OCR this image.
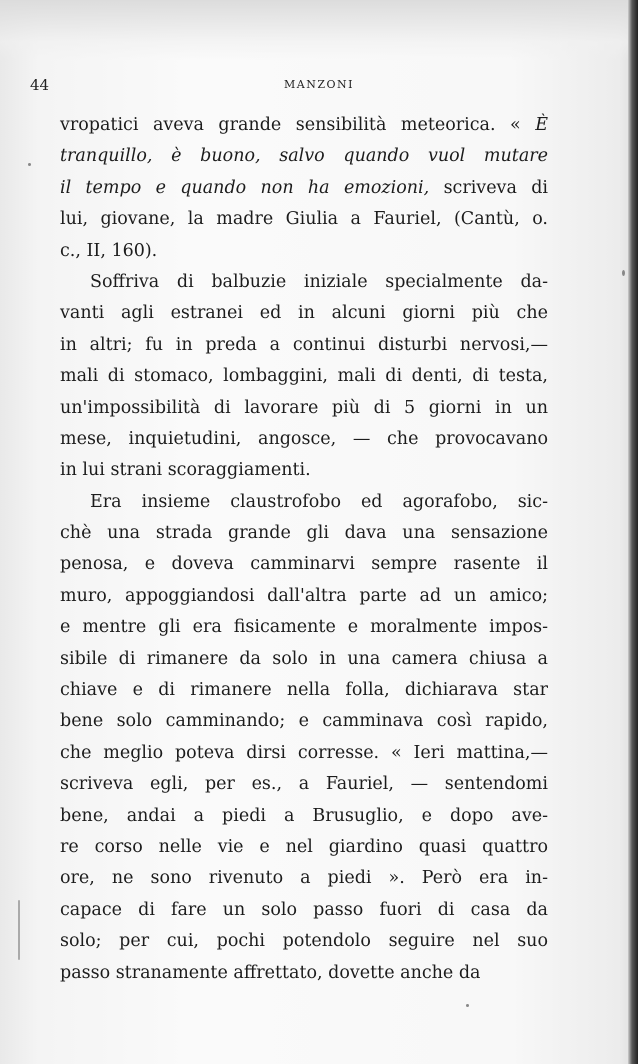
44	MANZONI
vropatici aveva grande sensibilità meteorica. « È
tranquillo, è buono, salvo quando vuol mutare
il tempo e quando non ha emozioni, scriveva di
lui, giovane, la madre Giulia a Fauriel, (Cantù, o.
c., II, 160).
Soffriva di balbuzie iniziale specialmente da-
vanti agli estranei ed in alcuni giorni più che
in altri; fu in preda a continui disturbi nervosi,—
mali di stomaco, lombaggini, mali di denti, di testa,
un'impossibilità di lavorare più di 5 giorni in un
mese, inquietudini, angosce, — che provocavano
in lui strani scoraggiamenti.
Era insieme claustrofobo ed agorafobo, sic-
chè una strada grande gli dava una sensazione
penosa, e doveva camminarvi sempre rasente il
muro, appoggiandosi dall'altra parte ad un amico;
e mentre gli era fisicamente e moralmente impos-
sibile di rimanere da solo in una camera chiusa a
chiave e di rimanere nella folla, dichiarava star
bene solo camminando; e camminava così rapido,
che meglio poteva dirsi corresse. « Ieri mattina,—
scriveva egli, per es., a Fauriel, — sentendomi
bene, andai a piedi a Brusuglio, e dopo ave-
re corso nelle vie e nel giardino quasi quattro
ore, ne sono rivenuto a piedi ». Però era in-
capace di fare un solo passo fuori di casa da
solo; per cui, pochi potendolo seguire nel suo
passo stranamente affrettato, dovette anche da
